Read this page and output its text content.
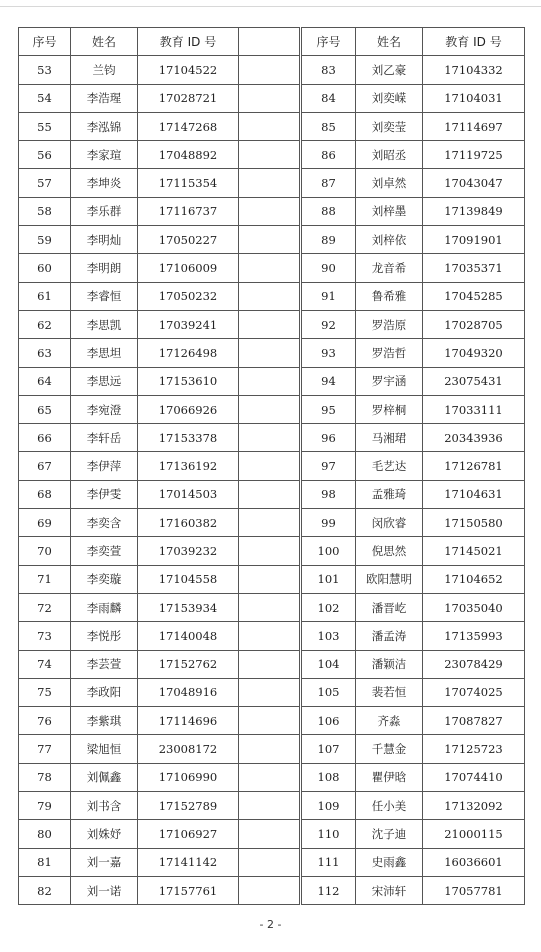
序号	姓名	教育 ID 号	
53	兰钧	17104522	
54	李浩瑆	17028721	
55	李泓锦	17147268	
56	李家瑄	17048892	
57	李坤炎	17115354	
58	李乐群	17116737	
59	李明灿	17050227	
60	李明朗	17106009	
61	李睿恒	17050232	
62	李思凯	17039241	
63	李思坦	17126498	
64	李思远	17153610	
65	李宛澄	17066926	
66	李轩岳	17153378	
67	李伊萍	17136192	
68	李伊雯	17014503	
69	李奕含	17160382	
70	李奕萱	17039232	
71	李奕璇	17104558	
72	李雨麟	17153934	
73	李悦彤	17140048	
74	李芸萱	17152762	
75	李政阳	17048916	
76	李紫琪	17114696	
77	梁旭恒	23008172	
78	刘佩鑫	17106990	
79	刘书含	17152789	
80	刘姝妤	17106927	
81	刘一嘉	17141142	
82	刘一诺	17157761	
序号	姓名	教育 ID 号
83	刘乙豪	17104332
84	刘奕嵘	17104031
85	刘奕莹	17114697
86	刘昭丞	17119725
87	刘卓然	17043047
88	刘梓墨	17139849
89	刘梓依	17091901
90	龙音希	17035371
91	鲁希雅	17045285
92	罗浩原	17028705
93	罗浩哲	17049320
94	罗宇涵	23075431
95	罗梓桐	17033111
96	马湘珺	20343936
97	毛艺达	17126781
98	孟雅琦	17104631
99	闵欣睿	17150580
100	倪思然	17145021
101	欧阳慧明	17104652
102	潘晋屹	17035040
103	潘孟涛	17135993
104	潘颖洁	23078429
105	裴若恒	17074025
106	齐淼	17087827
107	千慧金	17125723
108	瞿伊晗	17074410
109	任小美	17132092
110	沈子迪	21000115
111	史雨鑫	16036601
112	宋沛轩	17057781
- 2 -
